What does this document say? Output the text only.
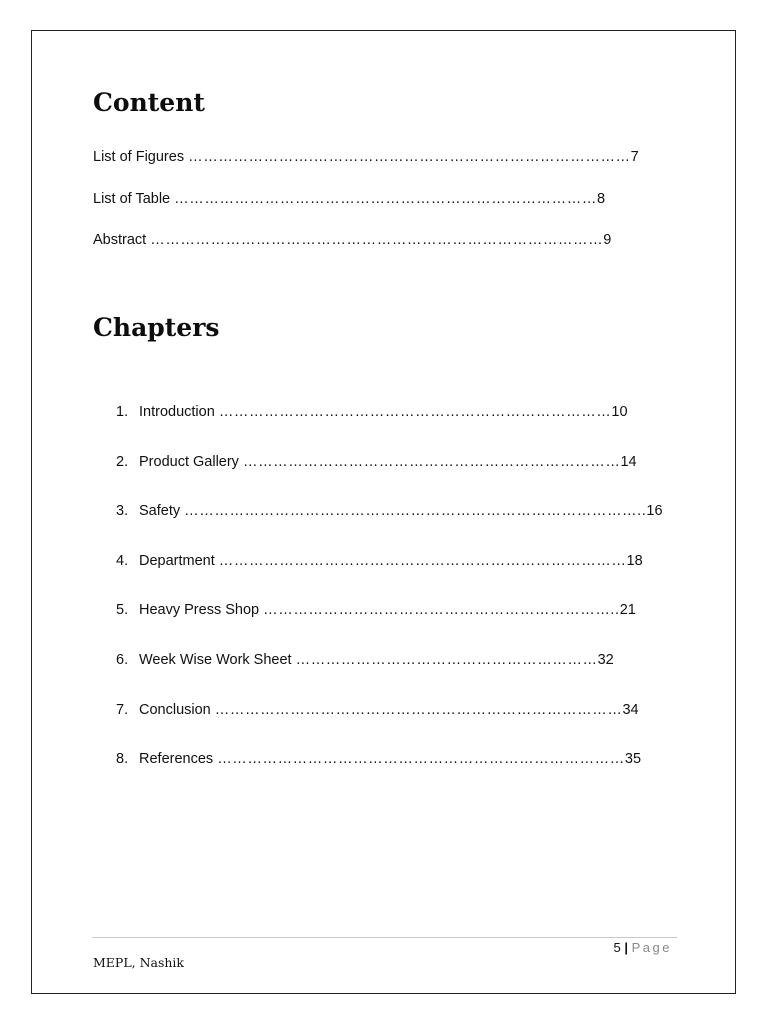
Content
List of Figures …………………….………………………………………………………7
List of Table …………………………………………………………………………8
Abstract ………………………………………………………………………………9
Chapters
1. Introduction ……………………………………………………………………10
2. Product Gallery …………………………………………………………………14
3. Safety ………………………………………………………………………………..16
4. Department ………………………………………………………………………18
5. Heavy Press Shop ……………………………………………………………..21
6. Week Wise Work Sheet ……………………………………………………32
7. Conclusion ………………………………………………………………………34
8. References ………………………………………………………………………35
5 | Page
MEPL, Nashik
